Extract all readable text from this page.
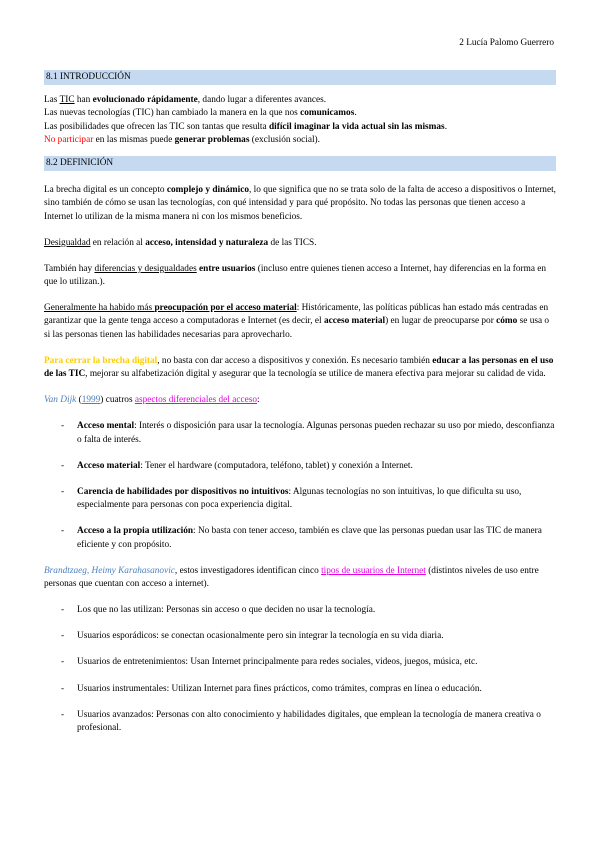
2 Lucía Palomo Guerrero
8.1 INTRODUCCIÓN

Las TIC han evolucionado rápidamente, dando lugar a diferentes avances.

Las nuevas tecnologías (TIC) han cambiado la manera en la que nos comunicamos.

Las posibilidades que ofrecen las TIC son tantas que resulta difícil imaginar la vida actual sin las mismas.

No participar en las mismas puede generar problemas (exclusión social).

8.2 DEFINICIÓN

La brecha digital es un concepto complejo y dinámico, lo que significa que no se trata solo de la falta de acceso a dispositivos o Internet, sino también de cómo se usan las tecnologías, con qué intensidad y para qué propósito. No todas las personas que tienen acceso a Internet lo utilizan de la misma manera ni con los mismos beneficios.

Desigualdad en relación al acceso, intensidad y naturaleza de las TICS.

También hay diferencias y desigualdades entre usuarios (incluso entre quienes tienen acceso a Internet, hay diferencias en la forma en que lo utilizan.).

Generalmente ha habido más preocupación por el acceso material: Históricamente, las políticas públicas han estado más centradas en garantizar que la gente tenga acceso a computadoras e Internet (es decir, el acceso material) en lugar de preocuparse por cómo se usa o si las personas tienen las habilidades necesarias para aprovecharlo.

Para cerrar la brecha digital, no basta con dar acceso a dispositivos y conexión. Es necesario también educar a las personas en el uso de las TIC, mejorar su alfabetización digital y asegurar que la tecnología se utilice de manera efectiva para mejorar su calidad de vida.

Van Dijk (1999) cuatros aspectos diferenciales del acceso:

- Acceso mental: Interés o disposición para usar la tecnología. Algunas personas pueden rechazar su uso por miedo, desconfianza o falta de interés.
- Acceso material: Tener el hardware (computadora, teléfono, tablet) y conexión a Internet.
- Carencia de habilidades por dispositivos no intuitivos: Algunas tecnologías no son intuitivas, lo que dificulta su uso, especialmente para personas con poca experiencia digital.
- Acceso a la propia utilización: No basta con tener acceso, también es clave que las personas puedan usar las TIC de manera eficiente y con propósito.

Brandtzaeg, Heimy Karahasanovic, estos investigadores identifican cinco tipos de usuarios de Internet (distintos niveles de uso entre personas que cuentan con acceso a internet).

- Los que no las utilizan: Personas sin acceso o que deciden no usar la tecnología.
- Usuarios esporádicos: se conectan ocasionalmente pero sin integrar la tecnología en su vida diaria.
- Usuarios de entretenimientos: Usan Internet principalmente para redes sociales, videos, juegos, música, etc.
- Usuarios instrumentales: Utilizan Internet para fines prácticos, como trámites, compras en línea o educación.
- Usuarios avanzados: Personas con alto conocimiento y habilidades digitales, que emplean la tecnología de manera creativa o profesional.
